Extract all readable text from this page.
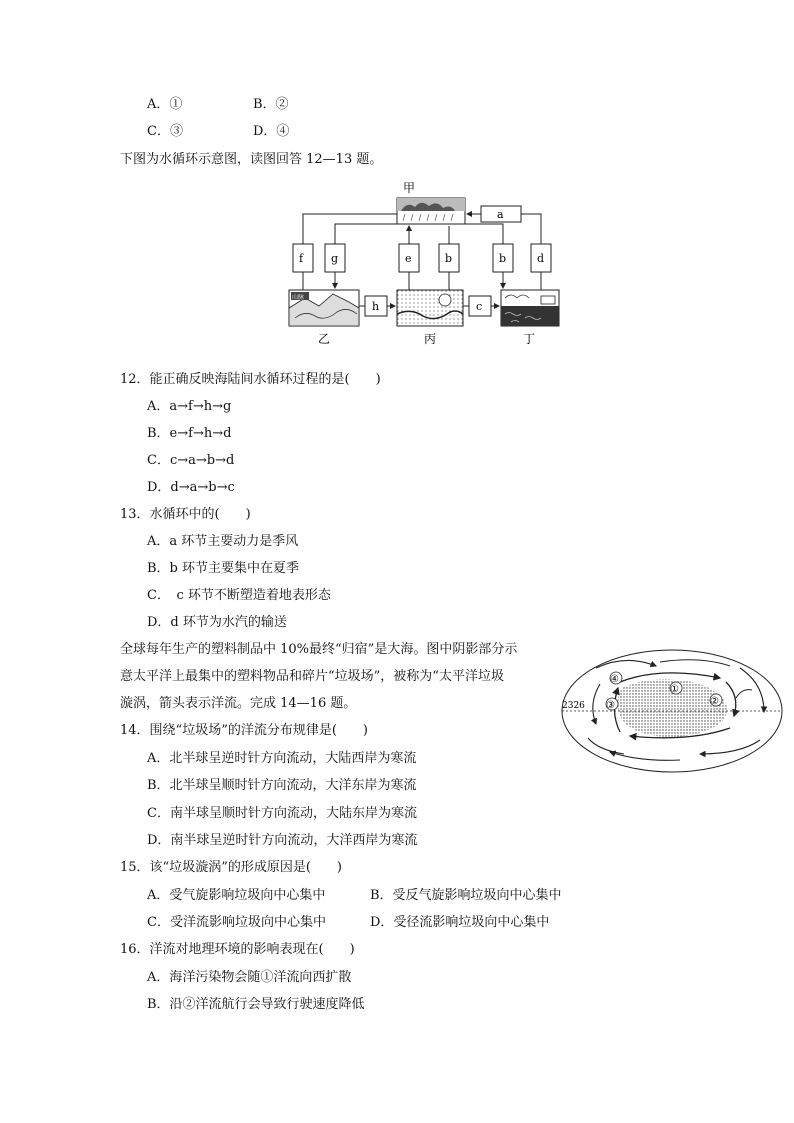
A．①	B．②
C．③	D．④
下图为水循环示意图，读图回答 12—13 题。
甲
a
f	g	e	b	b	d
山脉
h	c
乙	丙	丁
12．能正确反映海陆间水循环过程的是(　　)
A．a→f→h→g
B．e→f→h→d
C．c→a→b→d
D．d→a→b→c
13．水循环中的(　　)
A．a 环节主要动力是季风
B．b 环节主要集中在夏季
C．　c 环节不断塑造着地表形态
D．d 环节为水汽的输送
全球每年生产的塑料制品中 10%最终“归宿”是大海。图中阴影部分示
意太平洋上最集中的塑料物品和碎片“垃圾场”，被称为“太平洋垃圾
漩涡，箭头表示洋流。完成 14—16 题。
①
②
③
④
2326
14．围绕“垃圾场”的洋流分布规律是(　　)
A．北半球呈逆时针方向流动，大陆西岸为寒流
B．北半球呈顺时针方向流动，大洋东岸为寒流
C．南半球呈顺时针方向流动，大陆东岸为寒流
D．南半球呈逆时针方向流动，大洋西岸为寒流
15．该“垃圾漩涡”的形成原因是(　　)
A．受气旋影响垃圾向中心集中	B．受反气旋影响垃圾向中心集中
C．受洋流影响垃圾向中心集中	D．受径流影响垃圾向中心集中
16．洋流对地理环境的影响表现在(　　)
A．海洋污染物会随①洋流向西扩散
B．沿②洋流航行会导致行驶速度降低
